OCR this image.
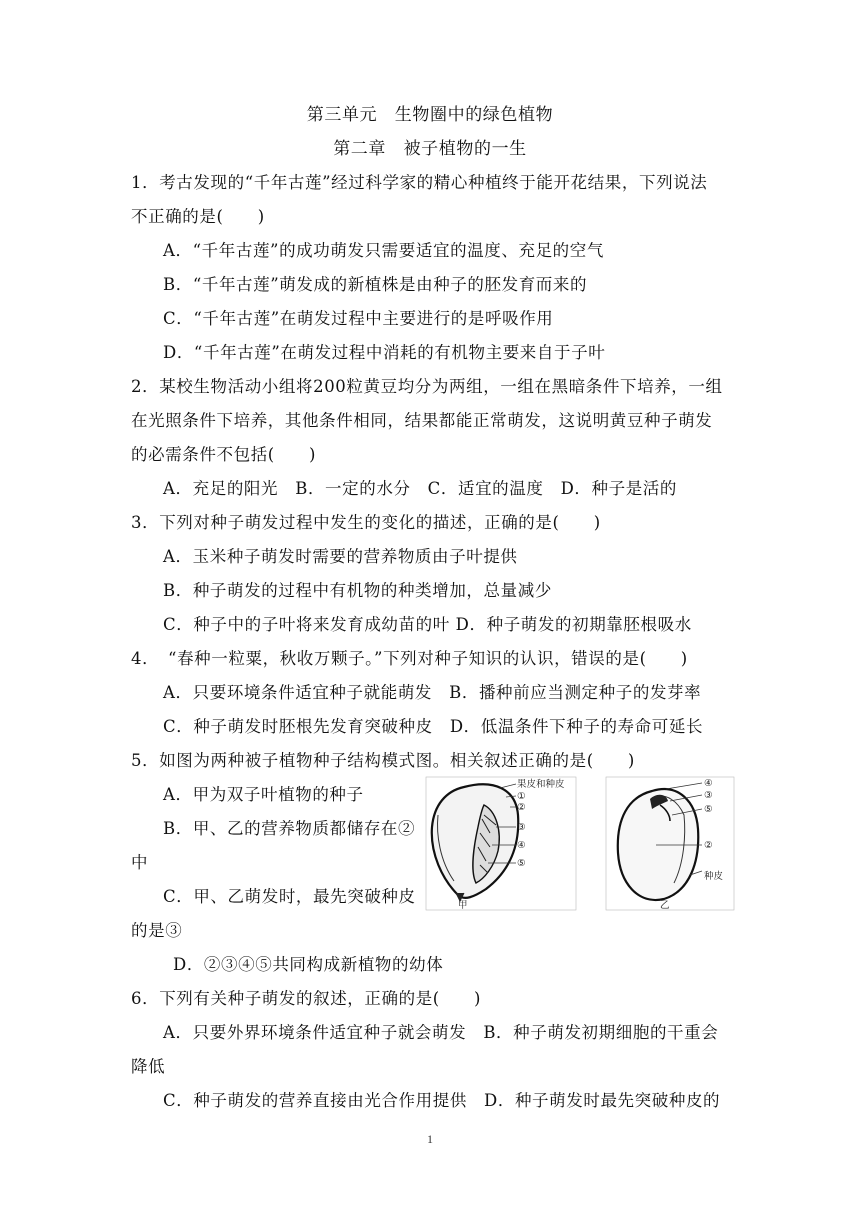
第三单元　生物圈中的绿色植物
第二章　被子植物的一生
1．考古发现的“千年古莲”经过科学家的精心种植终于能开花结果，下列说法
不正确的是(　　)
A．“千年古莲”的成功萌发只需要适宜的温度、充足的空气
B．“千年古莲”萌发成的新植株是由种子的胚发育而来的
C．“千年古莲”在萌发过程中主要进行的是呼吸作用
D．“千年古莲”在萌发过程中消耗的有机物主要来自于子叶
2．某校生物活动小组将200粒黄豆均分为两组，一组在黑暗条件下培养，一组
在光照条件下培养，其他条件相同，结果都能正常萌发，这说明黄豆种子萌发
的必需条件不包括(　　)
A．充足的阳光　B．一定的水分　C．适宜的温度　D．种子是活的
3．下列对种子萌发过程中发生的变化的描述，正确的是(　　)
A．玉米种子萌发时需要的营养物质由子叶提供
B．种子萌发的过程中有机物的种类增加，总量减少
C．种子中的子叶将来发育成幼苗的叶 D．种子萌发的初期靠胚根吸水
4．　“春种一粒粟，秋收万颗子。”下列对种子知识的认识，错误的是(　　)
A．只要环境条件适宜种子就能萌发　B．播种前应当测定种子的发芽率
C．种子萌发时胚根先发育突破种皮　D．低温条件下种子的寿命可延长
5．如图为两种被子植物种子结构模式图。相关叙述正确的是(　　)
A．甲为双子叶植物的种子
B．甲、乙的营养物质都储存在②
中
C．甲、乙萌发时，最先突破种皮
的是③
D．②③④⑤共同构成新植物的幼体
果皮和种皮
①
②
③
④
⑤
甲
④
③
⑤
②
种皮
乙
6．下列有关种子萌发的叙述，正确的是(　　)
A．只要外界环境条件适宜种子就会萌发　B．种子萌发初期细胞的干重会
降低
C．种子萌发的营养直接由光合作用提供　D．种子萌发时最先突破种皮的
1
